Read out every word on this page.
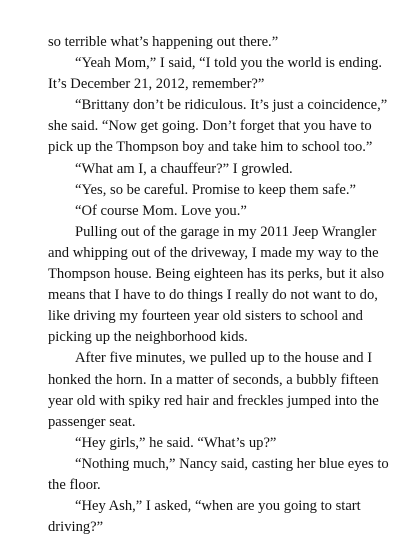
so terrible what’s happening out there.”
“Yeah Mom,” I said, “I told you the world is ending.
It’s December 21, 2012, remember?”
“Brittany don’t be ridiculous. It’s just a coincidence,”
she said. “Now get going. Don’t forget that you have to
pick up the Thompson boy and take him to school too.”
“What am I, a chauffeur?” I growled.
“Yes, so be careful. Promise to keep them safe.”
“Of course Mom. Love you.”
Pulling out of the garage in my 2011 Jeep Wrangler
and whipping out of the driveway, I made my way to the
Thompson house. Being eighteen has its perks, but it also
means that I have to do things I really do not want to do,
like driving my fourteen year old sisters to school and
picking up the neighborhood kids.
After five minutes, we pulled up to the house and I
honked the horn. In a matter of seconds, a bubbly fifteen
year old with spiky red hair and freckles jumped into the
passenger seat.
“Hey girls,” he said. “What’s up?”
“Nothing much,” Nancy said, casting her blue eyes to
the floor.
“Hey Ash,” I asked, “when are you going to start
driving?”
